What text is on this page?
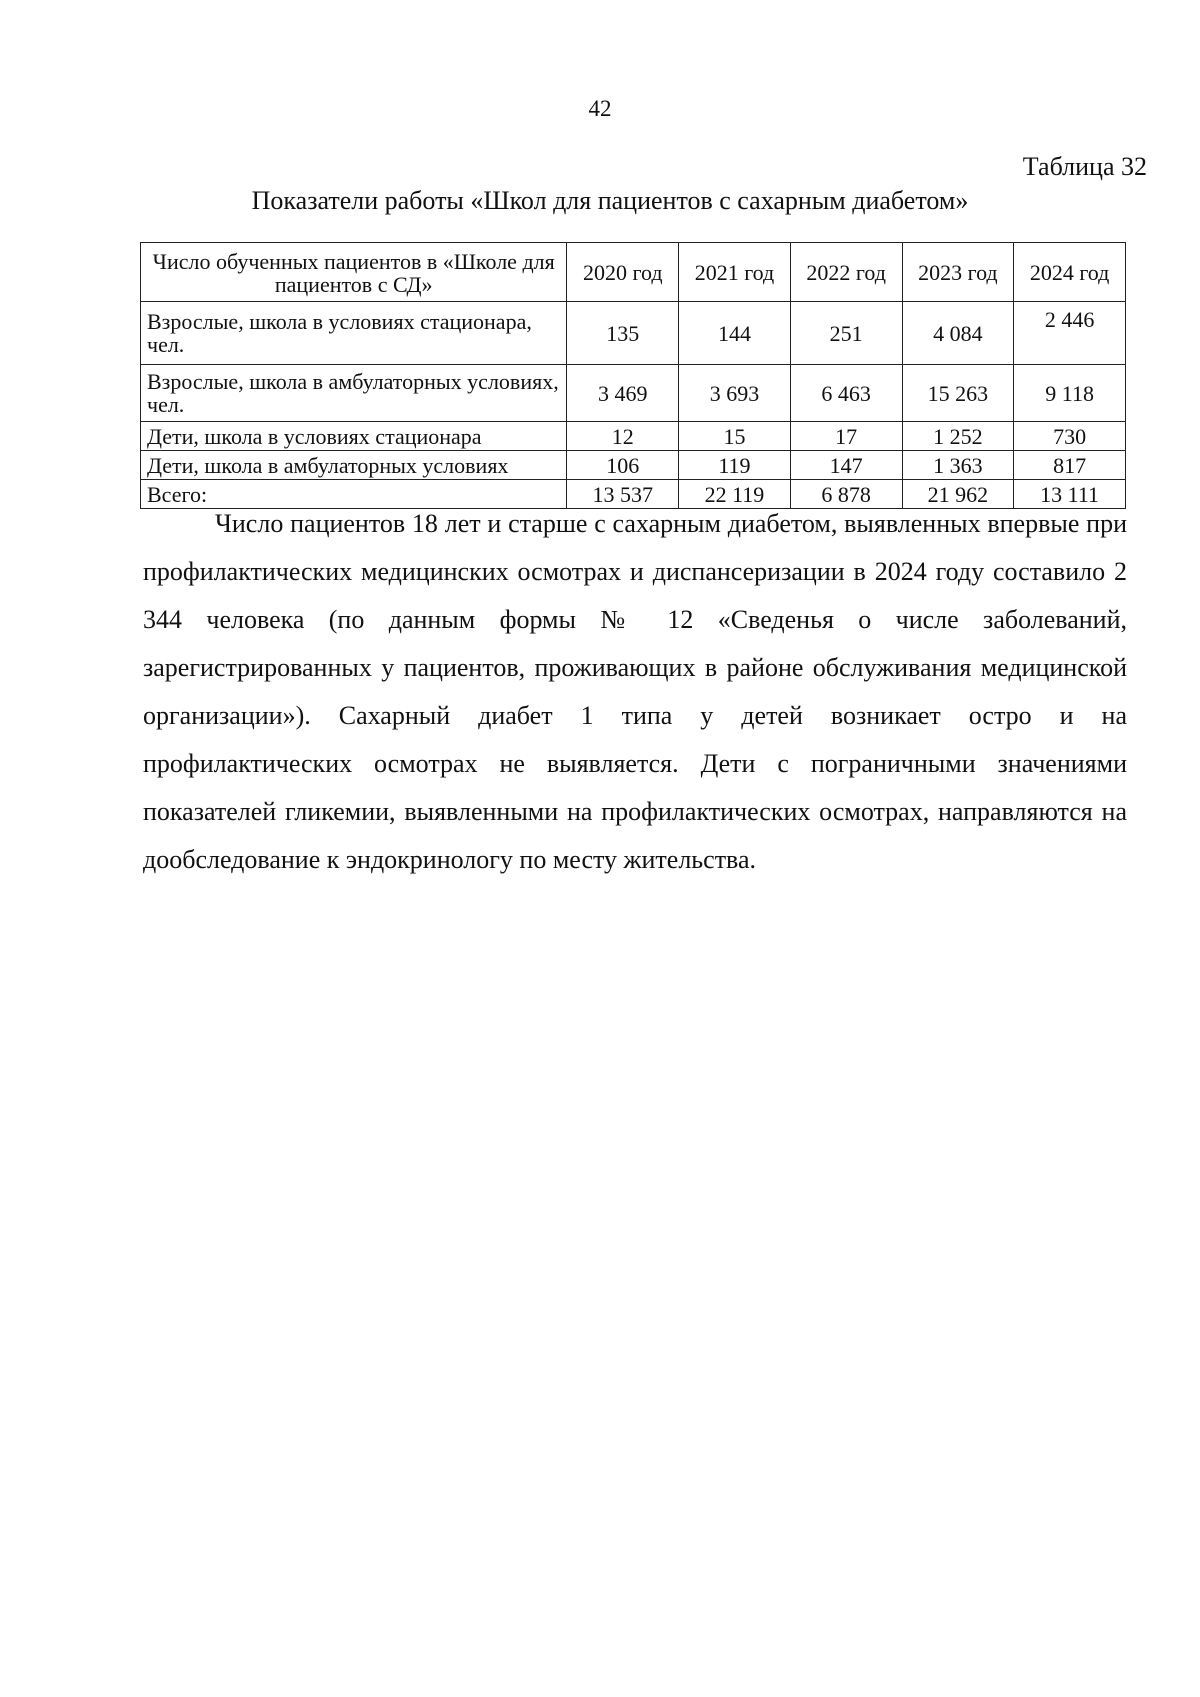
42
Таблица 32
Показатели работы «Школ для пациентов с сахарным диабетом»
Число обученных пациентов в «Школе для пациентов с СД»	2020 год	2021 год	2022 год	2023 год	2024 год
Взрослые, школа в условиях стационара, чел.	135	144	251	4 084	2 446
Взрослые, школа в амбулаторных условиях, чел.	3 469	3 693	6 463	15 263	9 118
Дети, школа в условиях стационара	12	15	17	1 252	730
Дети, школа в амбулаторных условиях	106	119	147	1 363	817
Всего:	13 537	22 119	6 878	21 962	13 111

Число пациентов 18 лет и старше с сахарным диабетом, выявленных впервые при профилактических медицинских осмотрах и диспансеризации в 2024 году составило 2 344 человека (по данным формы № 12 «Сведенья о числе заболеваний, зарегистрированных у пациентов, проживающих в районе обслуживания медицинской организации»). Сахарный диабет 1 типа у детей возникает остро и на профилактических осмотрах не выявляется. Дети с пограничными значениями показателей гликемии, выявленными на профилактических осмотрах, направляются на дообследование к эндокринологу по месту жительства.
